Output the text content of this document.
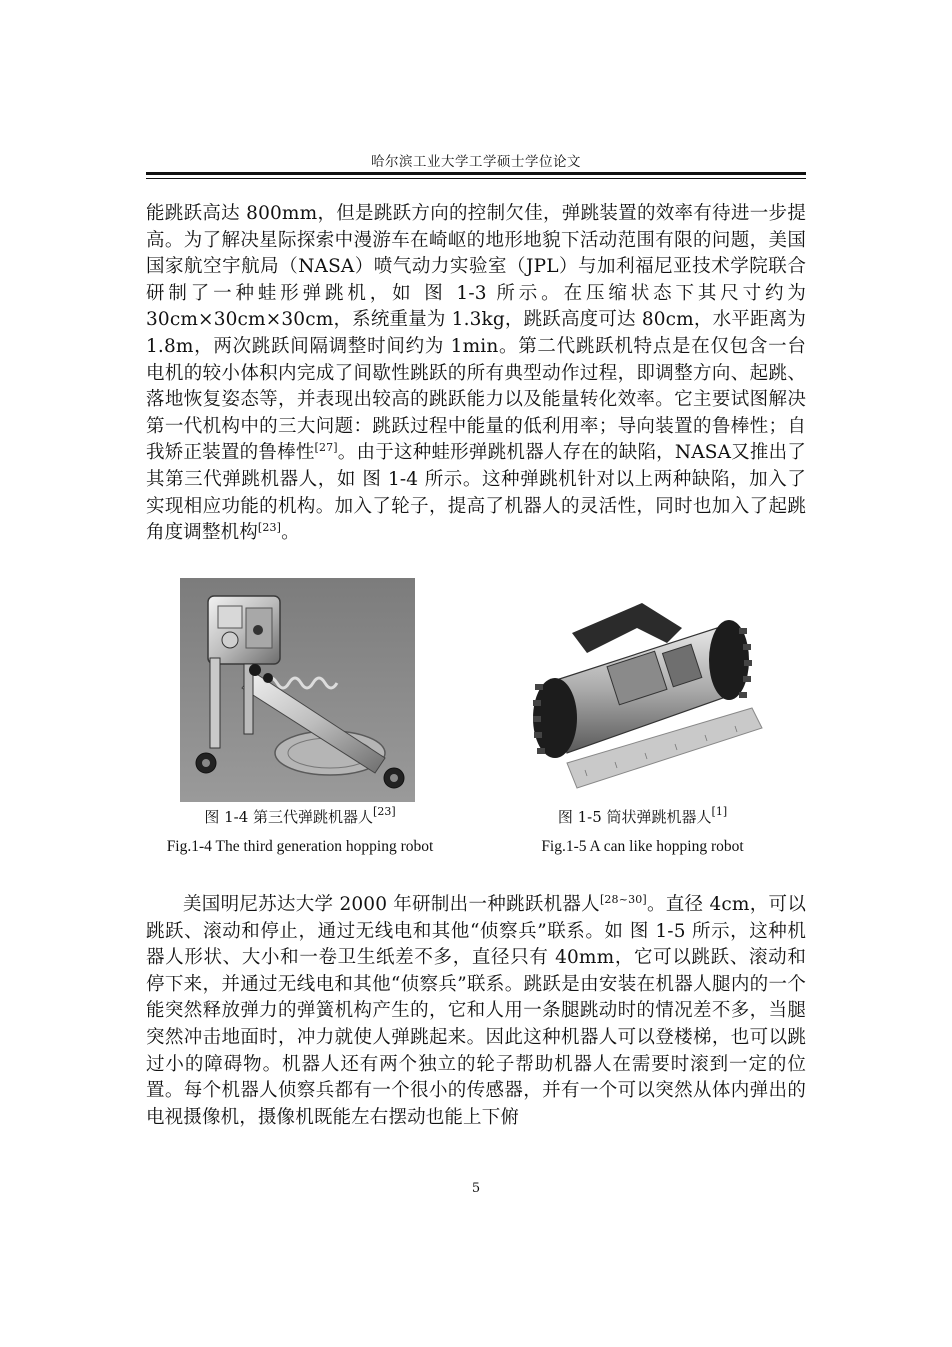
哈尔滨工业大学工学硕士学位论文
能跳跃高达 800mm，但是跳跃方向的控制欠佳，弹跳装置的效率有待进一步提高。为了解决星际探索中漫游车在崎岖的地形地貌下活动范围有限的问题，美国国家航空宇航局（NASA）喷气动力实验室（JPL）与加利福尼亚技术学院联合研制了一种蛙形弹跳机，如 图 1-3 所示。在压缩状态下其尺寸约为 30cm×30cm×30cm，系统重量为 1.3kg，跳跃高度可达 80cm，水平距离为 1.8m，两次跳跃间隔调整时间约为 1min。第二代跳跃机特点是在仅包含一台电机的较小体积内完成了间歇性跳跃的所有典型动作过程，即调整方向、起跳、落地恢复姿态等，并表现出较高的跳跃能力以及能量转化效率。它主要试图解决第一代机构中的三大问题：跳跃过程中能量的低利用率；导向装置的鲁棒性；自我矫正装置的鲁棒性[27]。由于这种蛙形弹跳机器人存在的缺陷，NASA又推出了其第三代弹跳机器人，如 图 1-4 所示。这种弹跳机针对以上两种缺陷，加入了实现相应功能的机构。加入了轮子，提高了机器人的灵活性，同时也加入了起跳角度调整机构[23]。
图 1-4 第三代弹跳机器人[23]
Fig.1-4 The third generation hopping robot
图 1-5 筒状弹跳机器人[1]
Fig.1-5 A can like hopping robot
美国明尼苏达大学 2000 年研制出一种跳跃机器人[28~30]。直径 4cm，可以跳跃、滚动和停止，通过无线电和其他“侦察兵”联系。如 图 1-5 所示，这种机器人形状、大小和一卷卫生纸差不多，直径只有 40mm，它可以跳跃、滚动和停下来，并通过无线电和其他“侦察兵”联系。跳跃是由安装在机器人腿内的一个能突然释放弹力的弹簧机构产生的，它和人用一条腿跳动时的情况差不多，当腿突然冲击地面时，冲力就使人弹跳起来。因此这种机器人可以登楼梯，也可以跳过小的障碍物。机器人还有两个独立的轮子帮助机器人在需要时滚到一定的位置。每个机器人侦察兵都有一个很小的传感器，并有一个可以突然从体内弹出的电视摄像机，摄像机既能左右摆动也能上下俯
5
